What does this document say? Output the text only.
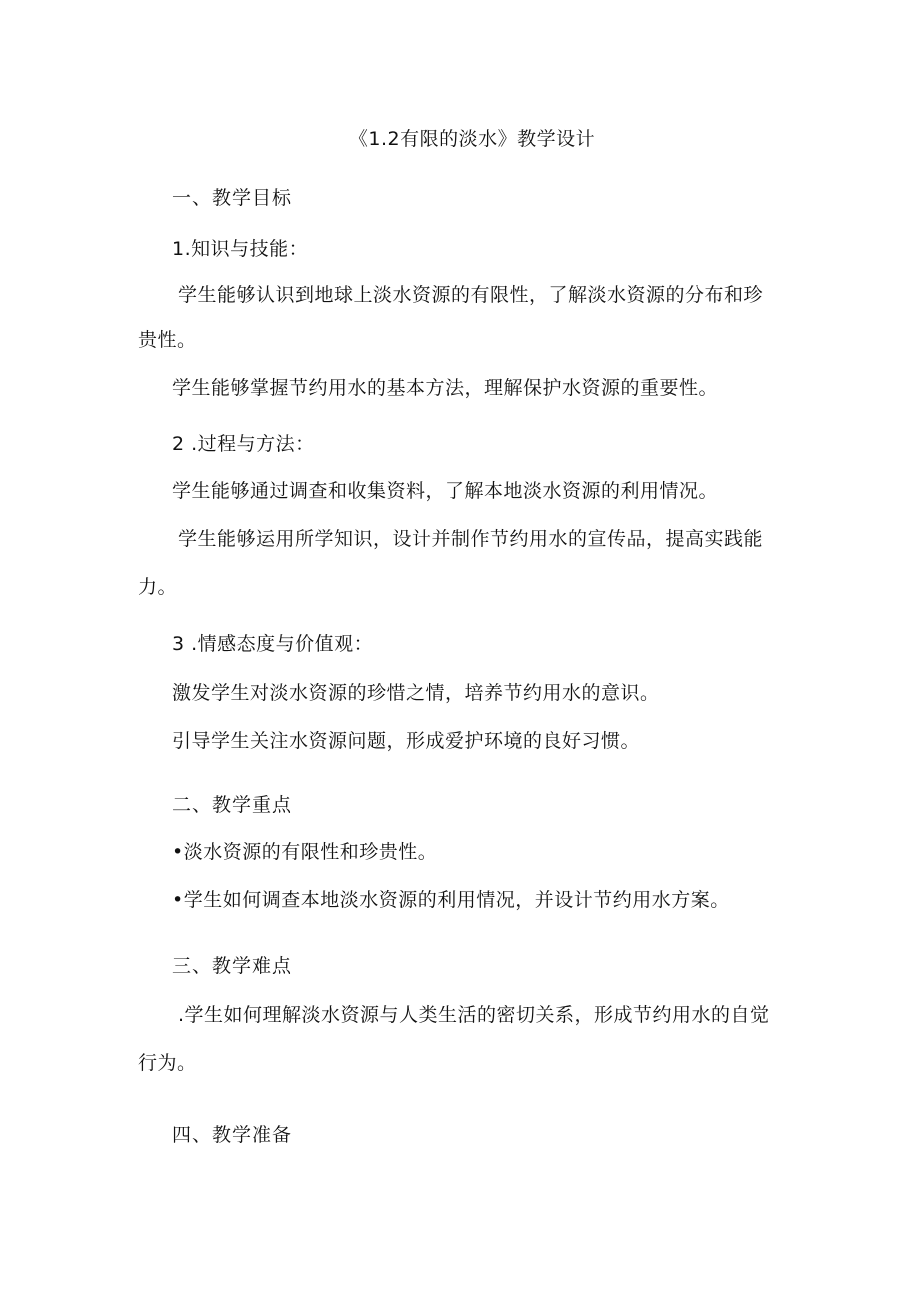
《1.2有限的淡水》教学设计
一、教学目标
1.知识与技能：
学生能够认识到地球上淡水资源的有限性，了解淡水资源的分布和珍
贵性。
学生能够掌握节约用水的基本方法，理解保护水资源的重要性。
2 .过程与方法：
学生能够通过调查和收集资料，了解本地淡水资源的利用情况。
学生能够运用所学知识，设计并制作节约用水的宣传品，提高实践能
力。
3 .情感态度与价值观：
激发学生对淡水资源的珍惜之情，培养节约用水的意识。
引导学生关注水资源问题，形成爱护环境的良好习惯。
二、教学重点
•淡水资源的有限性和珍贵性。
•学生如何调查本地淡水资源的利用情况，并设计节约用水方案。
三、教学难点
.学生如何理解淡水资源与人类生活的密切关系，形成节约用水的自觉
行为。
四、教学准备
